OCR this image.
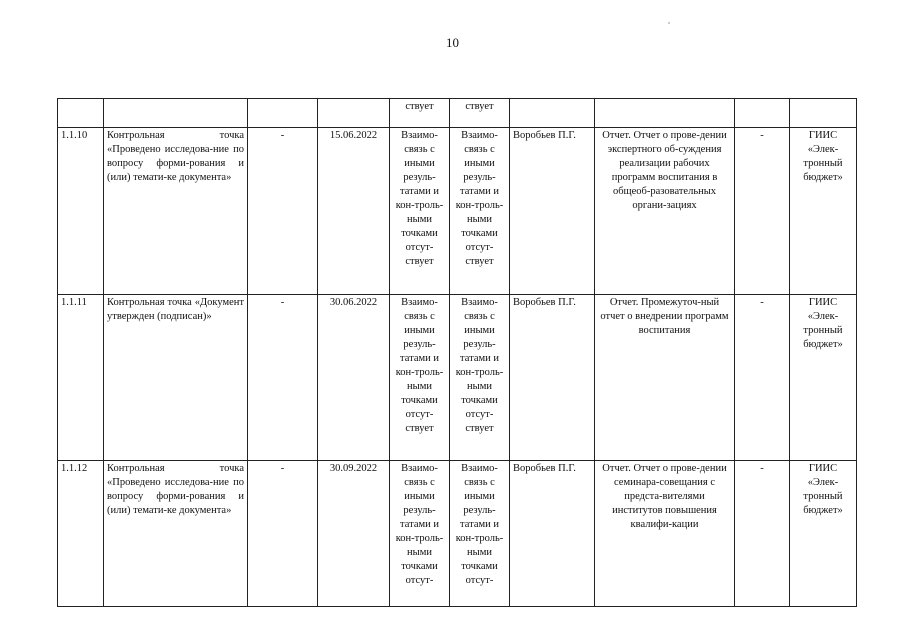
10
				ствует	ствует				
1.1.10	Контрольная точка «Проведено исследова-ние по вопросу форми-рования и (или) темати-ке документа»	-	15.06.2022	Взаимо-связь с иными резуль-татами и кон-троль-ными точками отсут-ствует	Взаимо-связь с иными резуль-татами и кон-троль-ными точками отсут-ствует	Воробьев П.Г.	Отчет. Отчет о прове-дении экспертного об-суждения реализации рабочих программ воспитания в общеоб-разовательных органи-зациях	-	ГИИС «Элек-тронный бюджет»
1.1.11	Контрольная точка «Документ утвержден (подписан)»	-	30.06.2022	Взаимо-связь с иными резуль-татами и кон-троль-ными точками отсут-ствует	Взаимо-связь с иными резуль-татами и кон-троль-ными точками отсут-ствует	Воробьев П.Г.	Отчет. Промежуточ-ный отчет о внедрении программ воспитания	-	ГИИС «Элек-тронный бюджет»
1.1.12	Контрольная точка «Проведено исследова-ние по вопросу форми-рования и (или) темати-ке документа»	-	30.09.2022	Взаимо-связь с иными резуль-татами и кон-троль-ными точками отсут-	Взаимо-связь с иными резуль-татами и кон-троль-ными точками отсут-	Воробьев П.Г.	Отчет. Отчет о прове-дении семинара-совещания с предста-вителями институтов повышения квалифи-кации	-	ГИИС «Элек-тронный бюджет»
